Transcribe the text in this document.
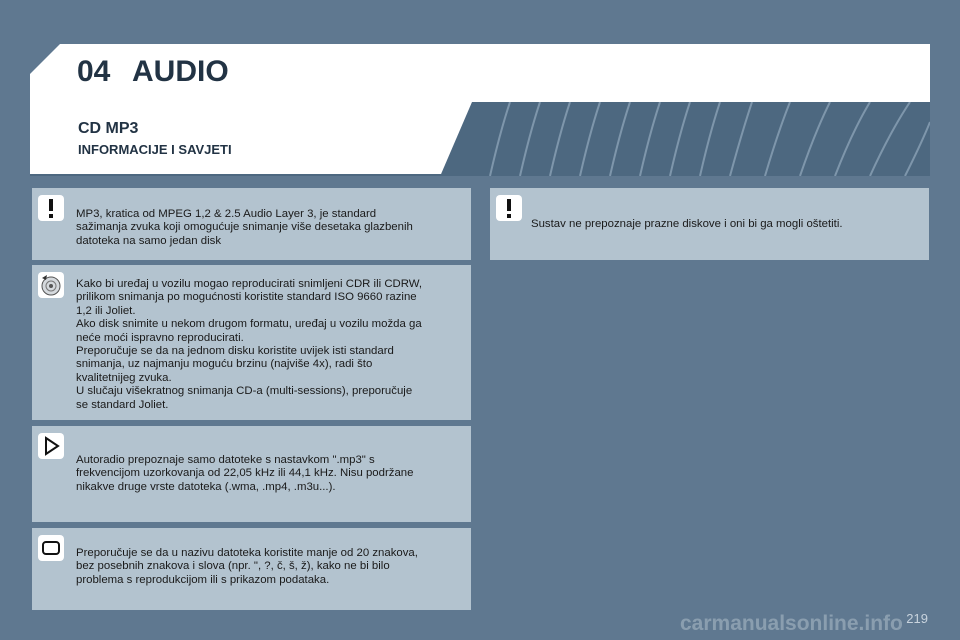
04 AUDIO
CD MP3
INFORMACIJE I SAVJETI
MP3, kratica od MPEG 1,2 & 2.5 Audio Layer 3, je standard
sažimanja zvuka koji omogućuje snimanje više desetaka glazbenih
datoteka na samo jedan disk
Kako bi uređaj u vozilu mogao reproducirati snimljeni CDR ili CDRW,
prilikom snimanja po mogućnosti koristite standard ISO 9660 razine
1,2 ili Joliet.
Ako disk snimite u nekom drugom formatu, uređaj u vozilu možda ga
neće moći ispravno reproducirati.
Preporučuje se da na jednom disku koristite uvijek isti standard
snimanja, uz najmanju moguću brzinu (najviše 4x), radi što
kvalitetnijeg zvuka.
U slučaju višekratnog snimanja CD-a (multi-sessions), preporučuje
se standard Joliet.
Autoradio prepoznaje samo datoteke s nastavkom ".mp3" s
frekvencijom uzorkovanja od 22,05 kHz ili 44,1 kHz. Nisu podržane
nikakve druge vrste datoteka (.wma, .mp4, .m3u...).
Preporučuje se da u nazivu datoteka koristite manje od 20 znakova,
bez posebnih znakova i slova (npr. ", ?, č, š, ž), kako ne bi bilo
problema s reprodukcijom ili s prikazom podataka.
Sustav ne prepoznaje prazne diskove i oni bi ga mogli oštetiti.
carmanualsonline.info 219
